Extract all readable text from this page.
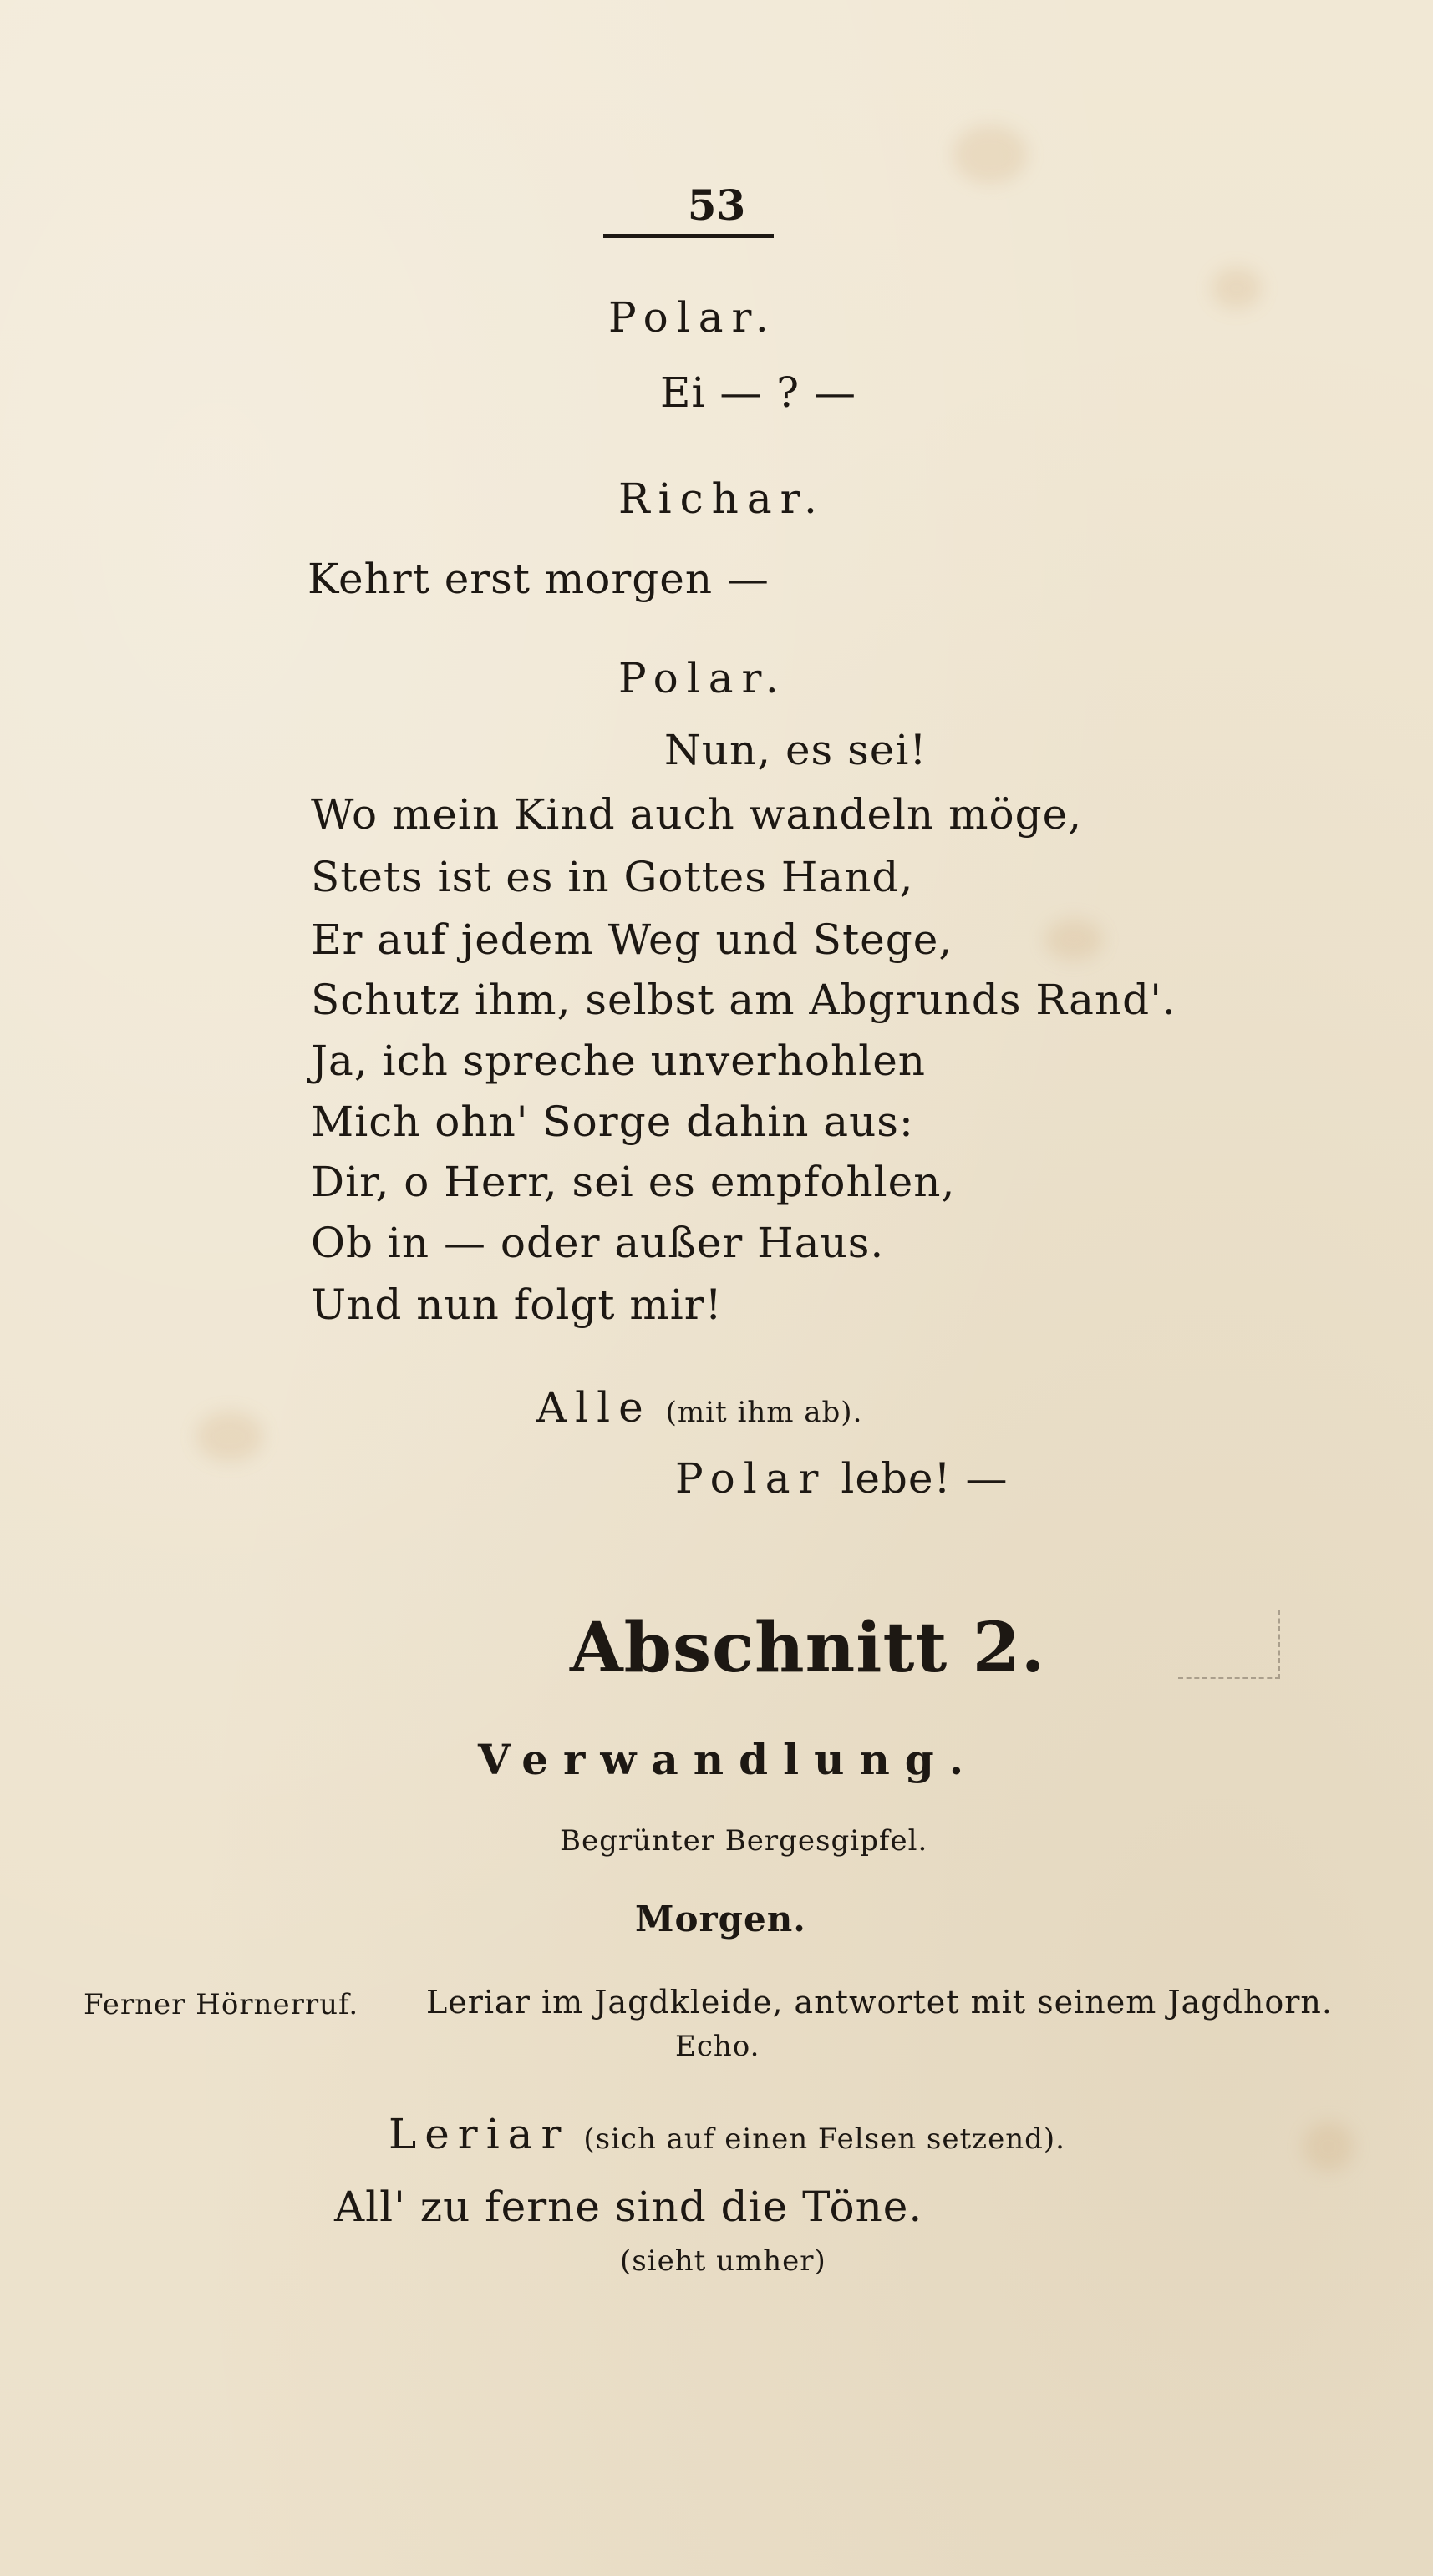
53
Polar.
Ei — ? —
Richar.
Kehrt erst morgen —
Polar.
Nun, es sei!
Wo mein Kind auch wandeln möge,
Stets ist es in Gottes Hand,
Er auf jedem Weg und Stege,
Schutz ihm, selbst am Abgrunds Rand'.
Ja, ich spreche unverhohlen
Mich ohn' Sorge dahin aus:
Dir, o Herr, sei es empfohlen,
Ob in — oder außer Haus.
Und nun folgt mir!
Alle (mit ihm ab).
Polar lebe! —
Abschnitt 2.
Verwandlung.
Begrünter Bergesgipfel.
Morgen.
Ferner Hörnerruf. Leriar im Jagdkleide, antwortet mit seinem Jagdhorn.
Echo.
Leriar (sich auf einen Felsen setzend).
All' zu ferne sind die Töne.
(sieht umher)
